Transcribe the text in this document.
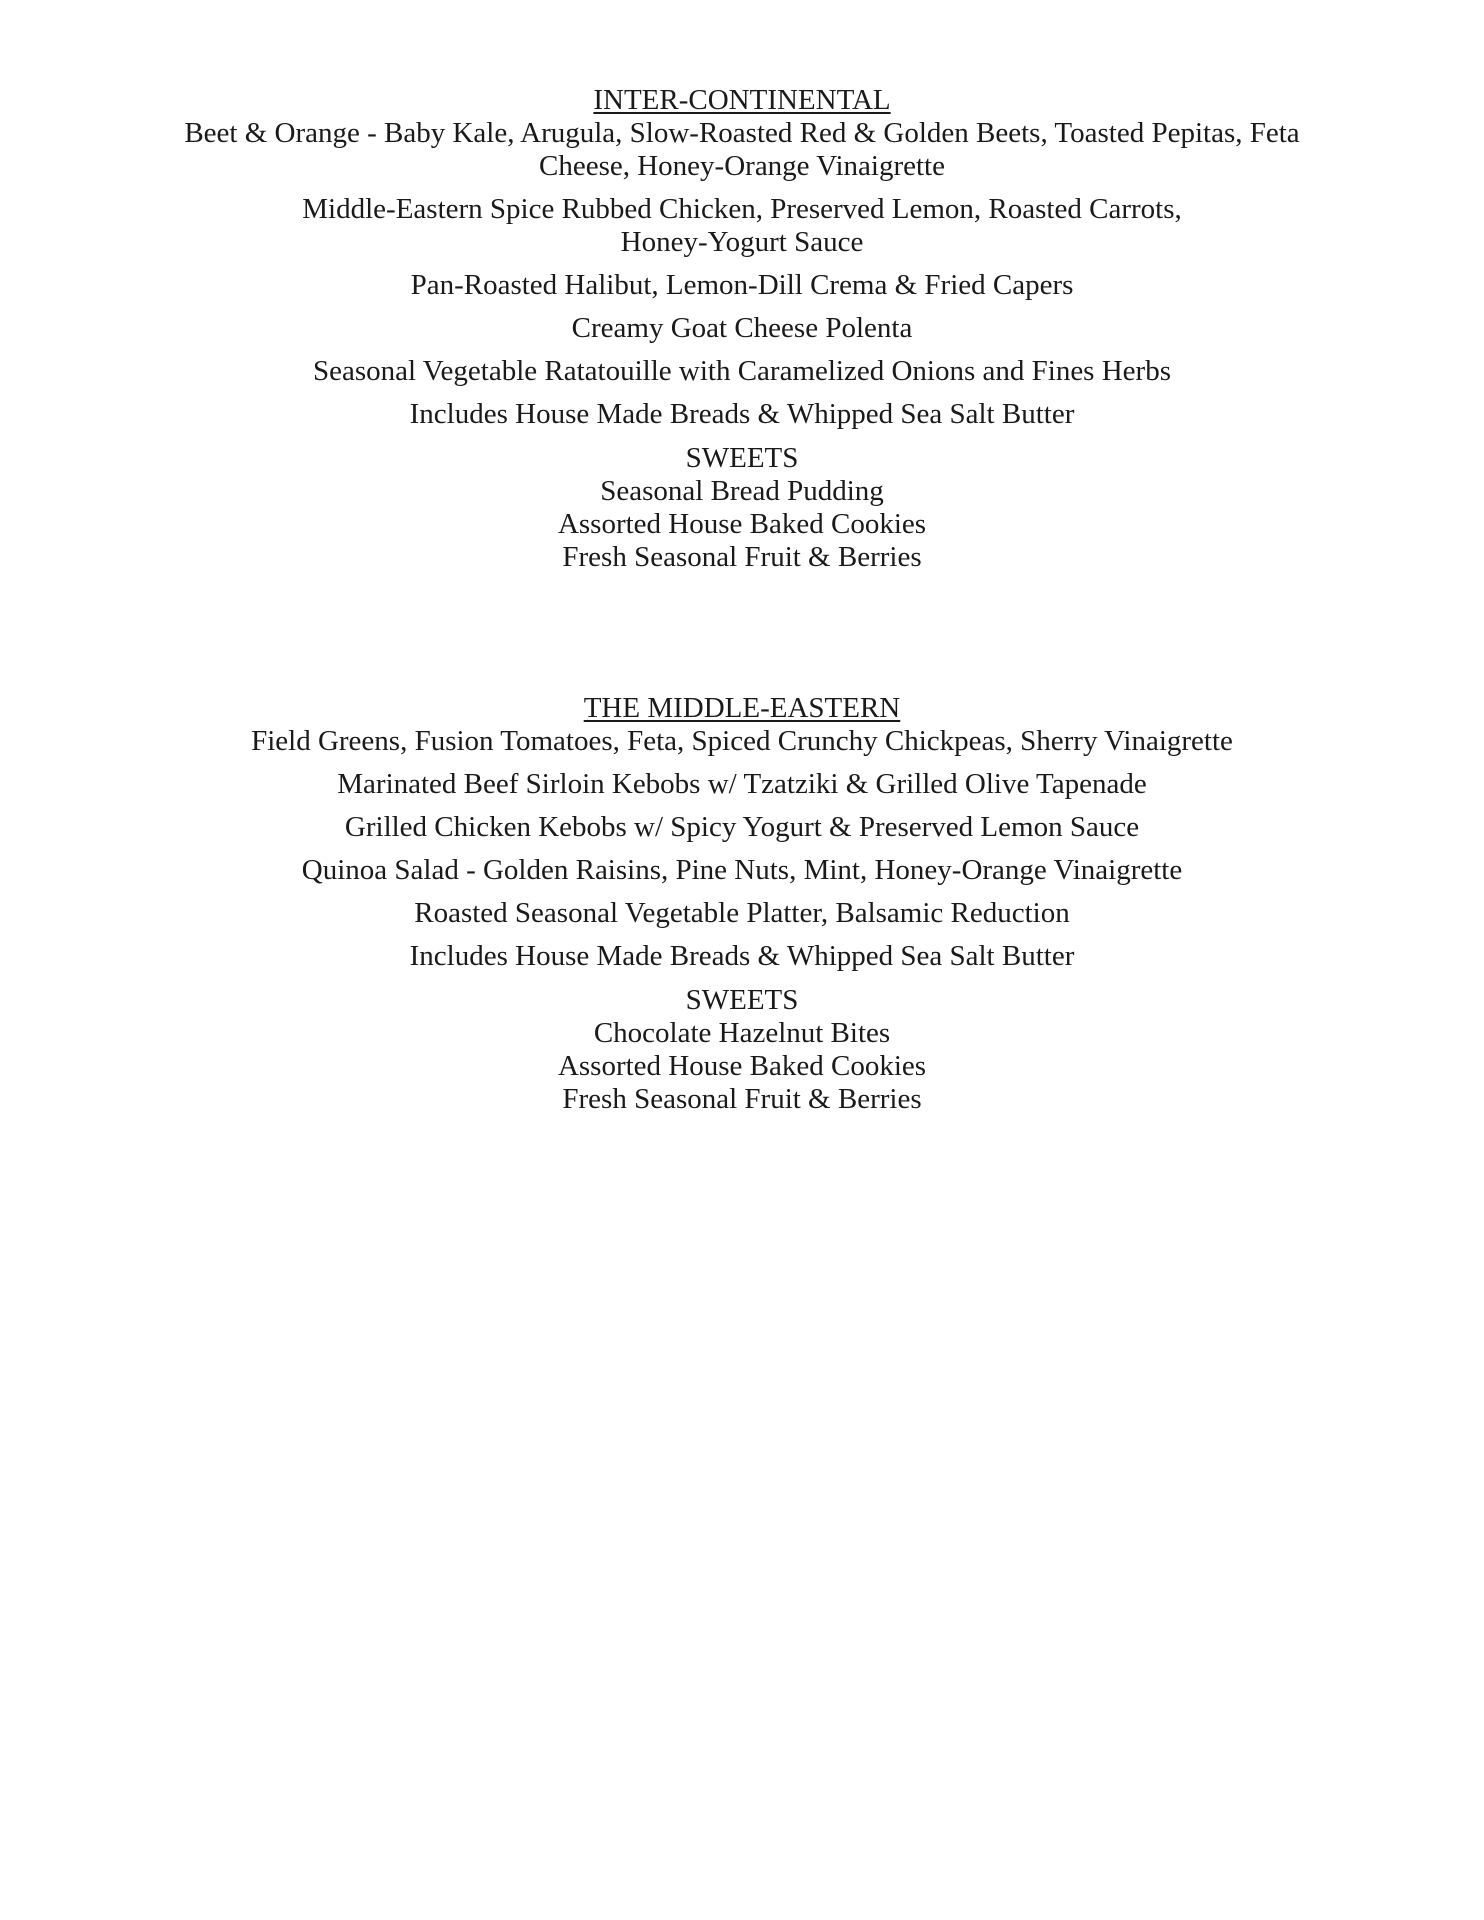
INTER-CONTINENTAL

Beet & Orange - Baby Kale, Arugula, Slow-Roasted Red & Golden Beets, Toasted Pepitas, Feta Cheese, Honey-Orange Vinaigrette

Middle-Eastern Spice Rubbed Chicken, Preserved Lemon, Roasted Carrots, Honey-Yogurt Sauce

Pan-Roasted Halibut, Lemon-Dill Crema & Fried Capers

Creamy Goat Cheese Polenta

Seasonal Vegetable Ratatouille with Caramelized Onions and Fines Herbs

Includes House Made Breads & Whipped Sea Salt Butter

SWEETS

Seasonal Bread Pudding

Assorted House Baked Cookies

Fresh Seasonal Fruit & Berries

THE MIDDLE-EASTERN

Field Greens, Fusion Tomatoes, Feta, Spiced Crunchy Chickpeas, Sherry Vinaigrette

Marinated Beef Sirloin Kebobs w/ Tzatziki & Grilled Olive Tapenade

Grilled Chicken Kebobs w/ Spicy Yogurt & Preserved Lemon Sauce

Quinoa Salad - Golden Raisins, Pine Nuts, Mint, Honey-Orange Vinaigrette

Roasted Seasonal Vegetable Platter, Balsamic Reduction

Includes House Made Breads & Whipped Sea Salt Butter

SWEETS

Chocolate Hazelnut Bites

Assorted House Baked Cookies

Fresh Seasonal Fruit & Berries
